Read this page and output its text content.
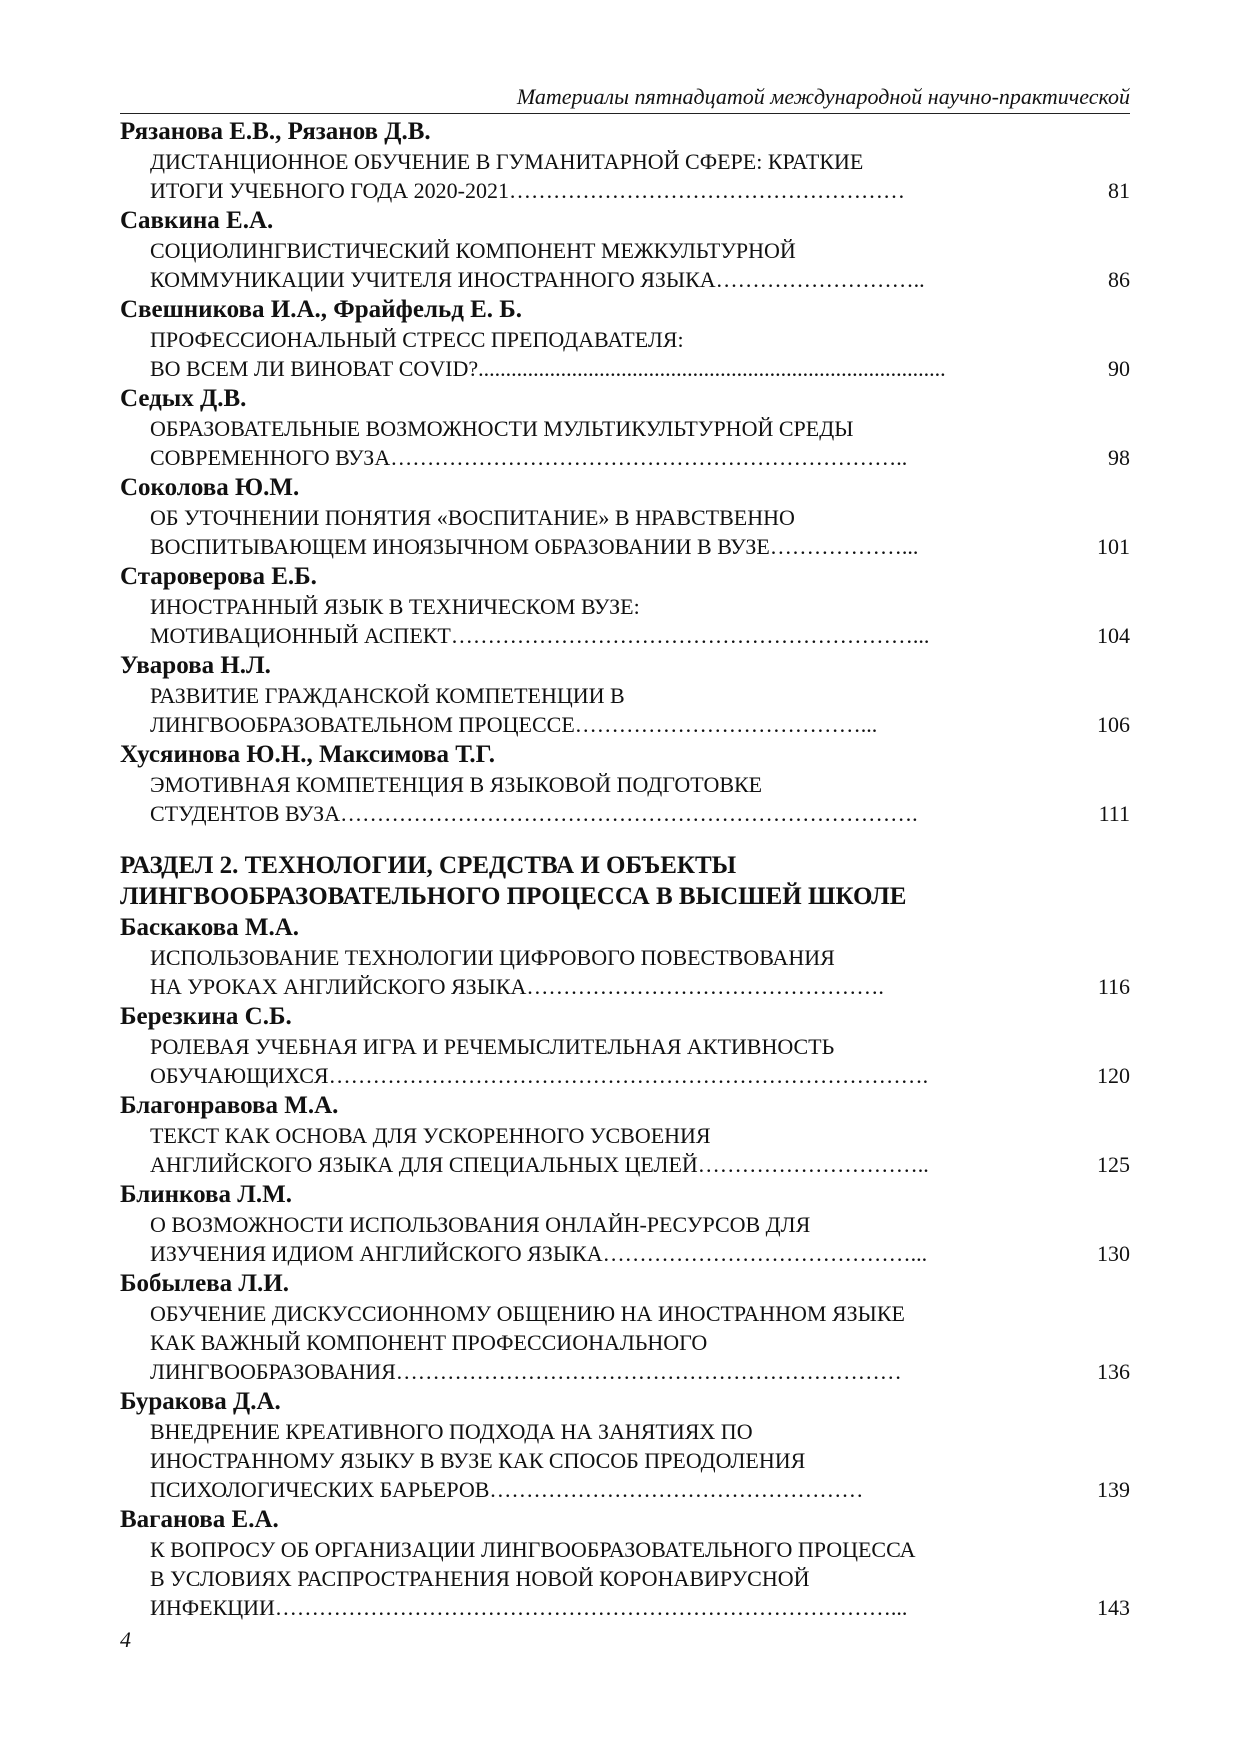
Материалы пятнадцатой международной научно-практической
Рязанова Е.В., Рязанов Д.В.
ДИСТАНЦИОННОЕ ОБУЧЕНИЕ В ГУМАНИТАРНОЙ СФЕРЕ: КРАТКИЕ
ИТОГИ УЧЕБНОГО ГОДА 2020-2021………………………………………………	81
Савкина Е.А.
СОЦИОЛИНГВИСТИЧЕСКИЙ КОМПОНЕНТ МЕЖКУЛЬТУРНОЙ
КОММУНИКАЦИИ УЧИТЕЛЯ ИНОСТРАННОГО ЯЗЫКА………………………..	86
Свешникова И.А., Фрайфельд Е. Б.
ПРОФЕССИОНАЛЬНЫЙ СТРЕСС ПРЕПОДАВАТЕЛЯ:
ВО ВСЕМ ЛИ ВИНОВАТ COVID?.....................................................................................	90
Седых Д.В.
ОБРАЗОВАТЕЛЬНЫЕ ВОЗМОЖНОСТИ МУЛЬТИКУЛЬТУРНОЙ СРЕДЫ
СОВРЕМЕННОГО ВУЗА……………………………………………………………..	98
Соколова Ю.М.
ОБ УТОЧНЕНИИ ПОНЯТИЯ «ВОСПИТАНИЕ» В НРАВСТВЕННО
ВОСПИТЫВАЮЩЕМ ИНОЯЗЫЧНОМ ОБРАЗОВАНИИ В ВУЗЕ………………...	101
Староверова Е.Б.
ИНОСТРАННЫЙ ЯЗЫК В ТЕХНИЧЕСКОМ ВУЗЕ:
МОТИВАЦИОННЫЙ АСПЕКТ………………………………………………………...	104
Уварова Н.Л.
РАЗВИТИЕ ГРАЖДАНСКОЙ КОМПЕТЕНЦИИ В
ЛИНГВООБРАЗОВАТЕЛЬНОМ ПРОЦЕССЕ…………………………………...	106
Хусяинова Ю.Н., Максимова Т.Г.
ЭМОТИВНАЯ КОМПЕТЕНЦИЯ В ЯЗЫКОВОЙ ПОДГОТОВКЕ
СТУДЕНТОВ ВУЗА…………………………………………………………………….	111
РАЗДЕЛ 2. ТЕХНОЛОГИИ, СРЕДСТВА И ОБЪЕКТЫ
ЛИНГВООБРАЗОВАТЕЛЬНОГО ПРОЦЕССА В ВЫСШЕЙ ШКОЛЕ
Баскакова М.А.
ИСПОЛЬЗОВАНИЕ ТЕХНОЛОГИИ ЦИФРОВОГО ПОВЕСТВОВАНИЯ
НА УРОКАХ АНГЛИЙСКОГО ЯЗЫКА………………………………………….	116
Березкина С.Б.
РОЛЕВАЯ УЧЕБНАЯ ИГРА И РЕЧЕМЫСЛИТЕЛЬНАЯ АКТИВНОСТЬ
ОБУЧАЮЩИХСЯ……………………………………………………………………….	120
Благонравова М.А.
ТЕКСТ КАК ОСНОВА ДЛЯ УСКОРЕННОГО УСВОЕНИЯ
АНГЛИЙСКОГО ЯЗЫКА ДЛЯ СПЕЦИАЛЬНЫХ ЦЕЛЕЙ…………………………..	125
Блинкова Л.М.
О ВОЗМОЖНОСТИ ИСПОЛЬЗОВАНИЯ ОНЛАЙН-РЕСУРСОВ ДЛЯ
ИЗУЧЕНИЯ ИДИОМ АНГЛИЙСКОГО ЯЗЫКА……………………………………...	130
Бобылева Л.И.
ОБУЧЕНИЕ ДИСКУССИОННОМУ ОБЩЕНИЮ НА ИНОСТРАННОМ ЯЗЫКЕ
КАК ВАЖНЫЙ КОМПОНЕНТ ПРОФЕССИОНАЛЬНОГО
ЛИНГВООБРАЗОВАНИЯ……………………………………………………………	136
Буракова Д.А.
ВНЕДРЕНИЕ КРЕАТИВНОГО ПОДХОДА НА ЗАНЯТИЯХ ПО
ИНОСТРАННОМУ ЯЗЫКУ В ВУЗЕ КАК СПОСОБ ПРЕОДОЛЕНИЯ
ПСИХОЛОГИЧЕСКИХ БАРЬЕРОВ……………………………………………	139
Ваганова Е.А.
К ВОПРОСУ ОБ ОРГАНИЗАЦИИ ЛИНГВООБРАЗОВАТЕЛЬНОГО ПРОЦЕССА
В УСЛОВИЯХ РАСПРОСТРАНЕНИЯ НОВОЙ КОРОНАВИРУСНОЙ
ИНФЕКЦИИ…………………………………………………………………………...	143
4
